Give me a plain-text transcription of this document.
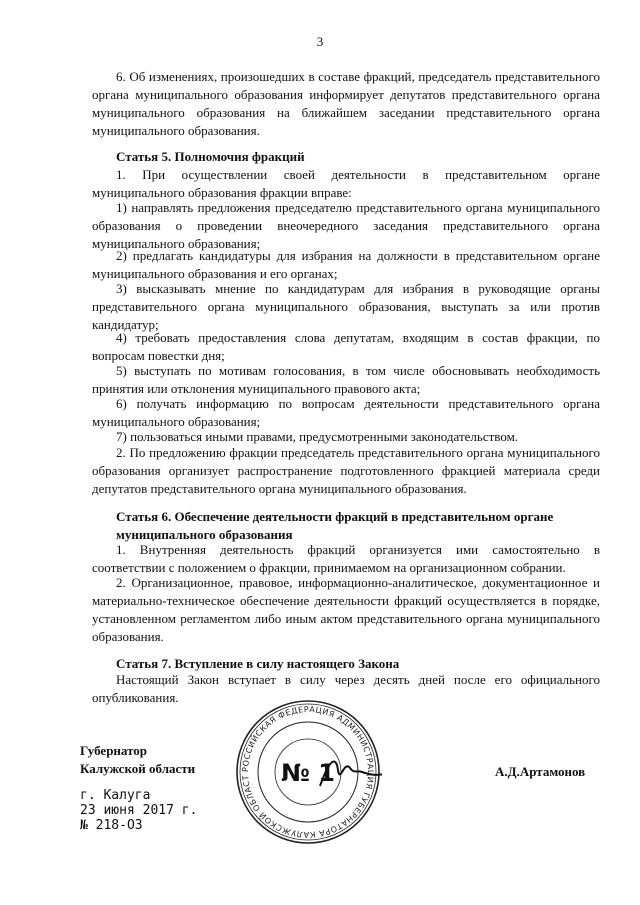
3
6. Об изменениях, произошедших в составе фракций, председатель представительного органа муниципального образования информирует депутатов представительного органа муниципального образования на ближайшем заседании представительного органа муниципального образования.
Статья 5. Полномочия фракций
1. При осуществлении своей деятельности в представительном органе муниципального образования фракции вправе:
1) направлять предложения председателю представительного органа муниципального образования о проведении внеочередного заседания представительного органа муниципального образования;
2) предлагать кандидатуры для избрания на должности в представительном органе муниципального образования и его органах;
3) высказывать мнение по кандидатурам для избрания в руководящие органы представительного органа муниципального образования, выступать за или против кандидатур;
4) требовать предоставления слова депутатам, входящим в состав фракции, по вопросам повестки дня;
5) выступать по мотивам голосования, в том числе обосновывать необходимость принятия или отклонения муниципального правового акта;
6) получать информацию по вопросам деятельности представительного органа муниципального образования;
7) пользоваться иными правами, предусмотренными законодательством.
2. По предложению фракции председатель представительного органа муниципального образования организует распространение подготовленного фракцией материала среди депутатов представительного органа муниципального образования.
Статья 6. Обеспечение деятельности фракций в представительном органе муниципального образования
1. Внутренняя деятельность фракций организуется ими самостоятельно в соответствии с положением о фракции, принимаемом на организационном собрании.
2. Организационное, правовое, информационно-аналитическое, документационное и материально-техническое обеспечение деятельности фракций осуществляется в порядке, установленном регламентом либо иным актом представительного органа муниципального образования.
Статья 7. Вступление в силу настоящего Закона
Настоящий Закон вступает в силу через десять дней после его официального опубликования.
Губернатор
Калужской области	А.Д.Артамонов
РОССИЙСКАЯ ФЕДЕРАЦИЯ АДМИНИСТРАЦИЯ ГУБЕРНАТОРА КАЛУЖСКОЙ ОБЛАСТ	№ 1
г. Калуга
23 июня 2017 г.
№ 218-ОЗ
